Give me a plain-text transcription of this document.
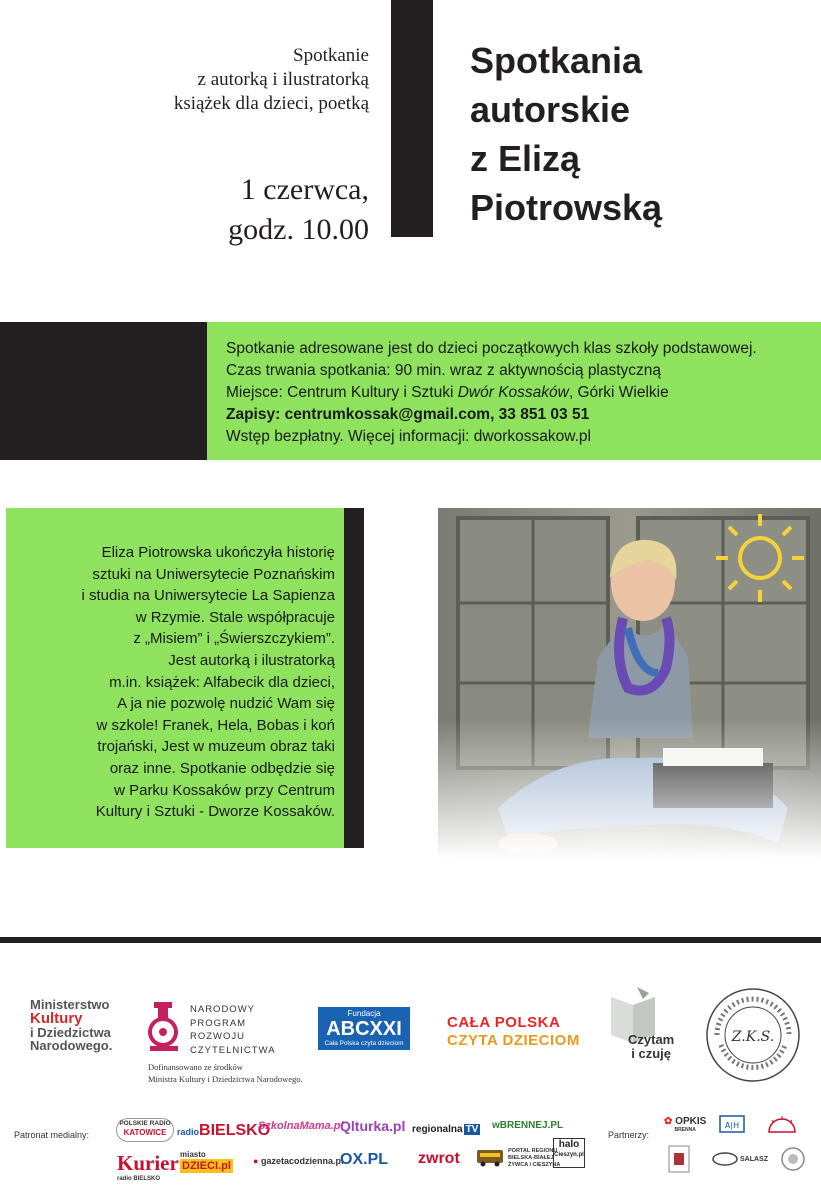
Spotkanie
z autorką i ilustratorką
książek dla dzieci, poetką
1 czerwca,
godz. 10.00
Spotkania
autorskie
z Elizą
Piotrowską
Spotkanie adresowane jest do dzieci początkowych klas szkoły podstawowej.
Czas trwania spotkania: 90 min. wraz z aktywnością plastyczną
Miejsce: Centrum Kultury i Sztuki Dwór Kossaków, Górki Wielkie
Zapisy: centrumkossak@gmail.com, 33 851 03 51
Wstęp bezpłatny. Więcej informacji: dworkossakow.pl
Eliza Piotrowska ukończyła historię
sztuki na Uniwersytecie Poznańskim
i studia na Uniwersytecie La Sapienza
w Rzymie. Stale współpracuje
z „Misiem” i „Świerszczykiem”.
Jest autorką i ilustratorką
m.in. książek: Alfabecik dla dzieci,
A ja nie pozwolę nudzić Wam się
w szkole! Franek, Hela, Bobas i koń
trojański, Jest w muzeum obraz taki
oraz inne. Spotkanie odbędzie się
w Parku Kossaków przy Centrum
Kultury i Sztuki - Dworze Kossaków.
Ministerstwo
Kultury
i Dziedzictwa
Narodowego.
NARODOWY
PROGRAM
ROZWOJU
CZYTELNICTWA
Dofinansowano ze środków
Ministra Kultury i Dziedzictwa Narodowego.
Fundacja
ABCXXI
Cała Polska czyta dzieciom
CAŁA POLSKA
CZYTA DZIECIOM	Czytam
i czuję
Z.K.S.
Patronat medialny:	Partnerzy:
POLSKIE RADIO
KATOWICE	radioBIELSKO
SzkolnaMama.pl
Qlturka.pl regionalna TV wBRENNEJ.PL
Kurier
radio BIELSKO
miasto
DZIECI.pl ● gazetacodzienna.pl
OX.PL zwrot	PORTAL REGIONU
BIELSKA-BIAŁEJ
ŻYWCA i CIESZYNA
halo
Cieszyn.pl
✿ OPKIS
BRENNA	A|H
SALASZ
